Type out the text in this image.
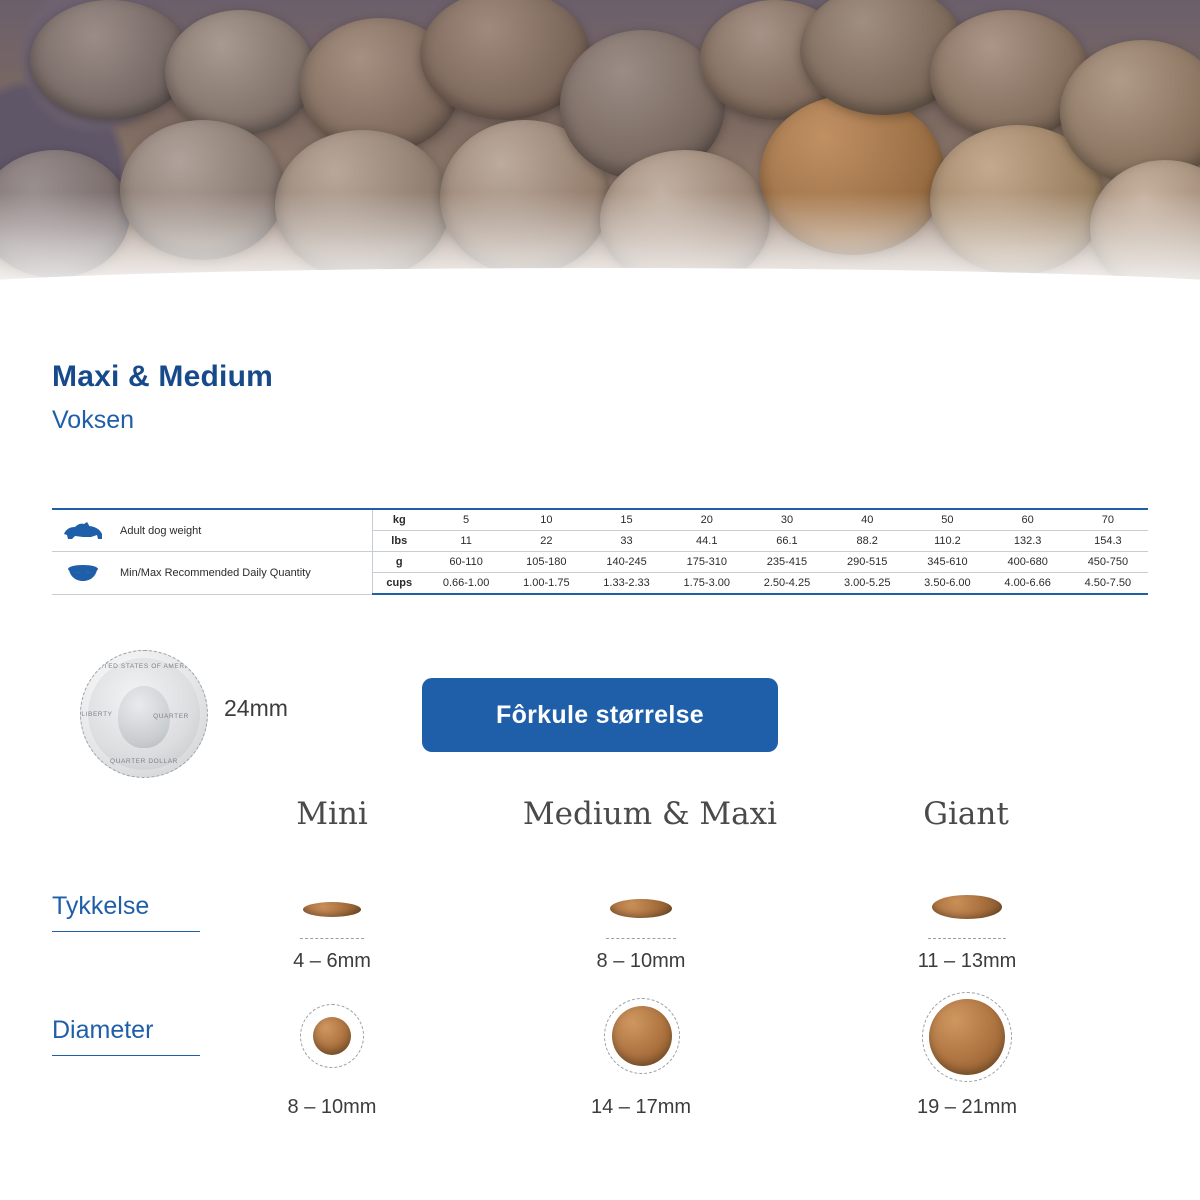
Maxi & Medium
Voksen
	Adult dog weight	kg	5	10	15	20	30	40	50	60	70
		lbs	11	22	33	44.1	66.1	88.2	110.2	132.3	154.3

	Min/Max Recommended Daily Quantity	g	60-110	105-180	140-245	175-310	235-415	290-515	345-610	400-680	450-750
		cups	0.66-1.00	1.00-1.75	1.33-2.33	1.75-3.00	2.50-4.25	3.00-5.25	3.50-6.00	4.00-6.66	4.50-7.50
UNITED STATES OF AMERICA
LIBERTY	QUARTER
QUARTER DOLLAR
24mm	Fôrkule størrelse
Mini	Medium & Maxi	Giant
Tykkelse
Diameter
4 – 6mm	8 – 10mm	11 – 13mm
8 – 10mm	14 – 17mm	19 – 21mm
